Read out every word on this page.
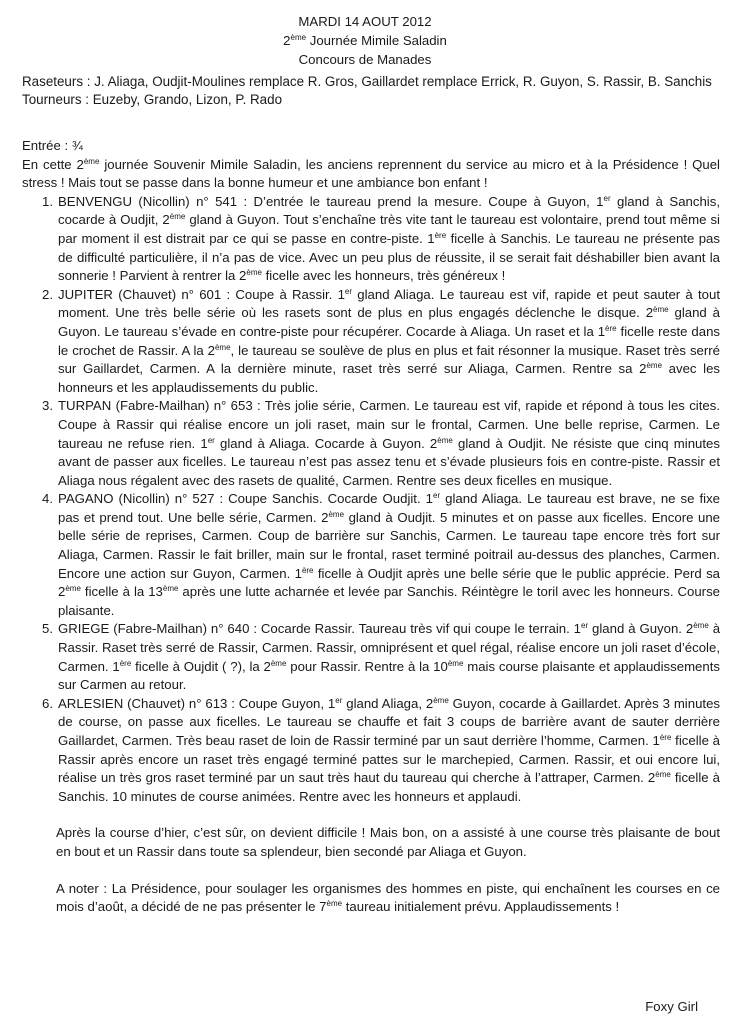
MARDI 14 AOUT 2012
2ème Journée Mimile Saladin
Concours de Manades
Raseteurs : J. Aliaga, Oudjit-Moulines remplace R. Gros, Gaillardet remplace Errick, R. Guyon, S. Rassir, B. Sanchis
Tourneurs : Euzeby, Grando, Lizon, P. Rado
Entrée : ¾
En cette 2ème journée Souvenir Mimile Saladin, les anciens reprennent du service au micro et à la Présidence ! Quel stress ! Mais tout se passe dans la bonne humeur et une ambiance bon enfant !
1. BENVENGU (Nicollin) n° 541 : D’entrée le taureau prend la mesure. Coupe à Guyon, 1er gland à Sanchis, cocarde à Oudjit, 2ème gland à Guyon. Tout s’enchaîne très vite tant le taureau est volontaire, prend tout même si par moment il est distrait par ce qui se passe en contre-piste. 1ère ficelle à Sanchis. Le taureau ne présente pas de difficulté particulière, il n’a pas de vice. Avec un peu plus de réussite, il se serait fait déshabiller bien avant la sonnerie ! Parvient à rentrer la 2ème ficelle avec les honneurs, très généreux !
2. JUPITER (Chauvet) n° 601 : Coupe à Rassir. 1er gland Aliaga. Le taureau est vif, rapide et peut sauter à tout moment. Une très belle série où les rasets sont de plus en plus engagés déclenche le disque. 2ème gland à Guyon. Le taureau s’évade en contre-piste pour récupérer. Cocarde à Aliaga. Un raset et la 1ère ficelle reste dans le crochet de Rassir. A la 2ème, le taureau se soulève de plus en plus et fait résonner la musique. Raset très serré sur Gaillardet, Carmen. A la dernière minute, raset très serré sur Aliaga, Carmen. Rentre sa 2ème avec les honneurs et les applaudissements du public.
3. TURPAN (Fabre-Mailhan) n° 653 : Très jolie série, Carmen. Le taureau est vif, rapide et répond à tous les cites. Coupe à Rassir qui réalise encore un joli raset, main sur le frontal, Carmen. Une belle reprise, Carmen. Le taureau ne refuse rien. 1er gland à Aliaga. Cocarde à Guyon. 2ème gland à Oudjit. Ne résiste que cinq minutes avant de passer aux ficelles. Le taureau n’est pas assez tenu et s’évade plusieurs fois en contre-piste. Rassir et Aliaga nous régalent avec des rasets de qualité, Carmen. Rentre ses deux ficelles en musique.
4. PAGANO (Nicollin) n° 527 : Coupe Sanchis. Cocarde Oudjit. 1er gland Aliaga. Le taureau est brave, ne se fixe pas et prend tout. Une belle série, Carmen. 2ème gland à Oudjit. 5 minutes et on passe aux ficelles. Encore une belle série de reprises, Carmen. Coup de barrière sur Sanchis, Carmen. Le taureau tape encore très fort sur Aliaga, Carmen. Rassir le fait briller, main sur le frontal, raset terminé poitrail au-dessus des planches, Carmen. Encore une action sur Guyon, Carmen. 1ère ficelle à Oudjit après une belle série que le public apprécie. Perd sa 2ème ficelle à la 13ème après une lutte acharnée et levée par Sanchis. Réintègre le toril avec les honneurs. Course plaisante.
5. GRIEGE (Fabre-Mailhan) n° 640 : Cocarde Rassir. Taureau très vif qui coupe le terrain. 1er gland à Guyon. 2ème à Rassir. Raset très serré de Rassir, Carmen. Rassir, omniprésent et quel régal, réalise encore un joli raset d’école, Carmen. 1ère ficelle à Oujdit ( ?), la 2ème pour Rassir. Rentre à la 10ème mais course plaisante et applaudissements sur Carmen au retour.
6. ARLESIEN (Chauvet) n° 613 : Coupe Guyon, 1er gland Aliaga, 2ème Guyon, cocarde à Gaillardet. Après 3 minutes de course, on passe aux ficelles. Le taureau se chauffe et fait 3 coups de barrière avant de sauter derrière Gaillardet, Carmen. Très beau raset de loin de Rassir terminé par un saut derrière l’homme, Carmen. 1ère ficelle à Rassir après encore un raset très engagé terminé pattes sur le marchepied, Carmen. Rassir, et oui encore lui, réalise un très gros raset terminé par un saut très haut du taureau qui cherche à l’attraper, Carmen. 2ème ficelle à Sanchis. 10 minutes de course animées. Rentre avec les honneurs et applaudi.
Après la course d’hier, c’est sûr, on devient difficile ! Mais bon, on a assisté à une course très plaisante de bout en bout et un Rassir dans toute sa splendeur, bien secondé par Aliaga et Guyon.
A noter : La Présidence, pour soulager les organismes des hommes en piste, qui enchaînent les courses en ce mois d’août, a décidé de ne pas présenter le 7ème taureau initialement prévu. Applaudissements !
Foxy Girl
